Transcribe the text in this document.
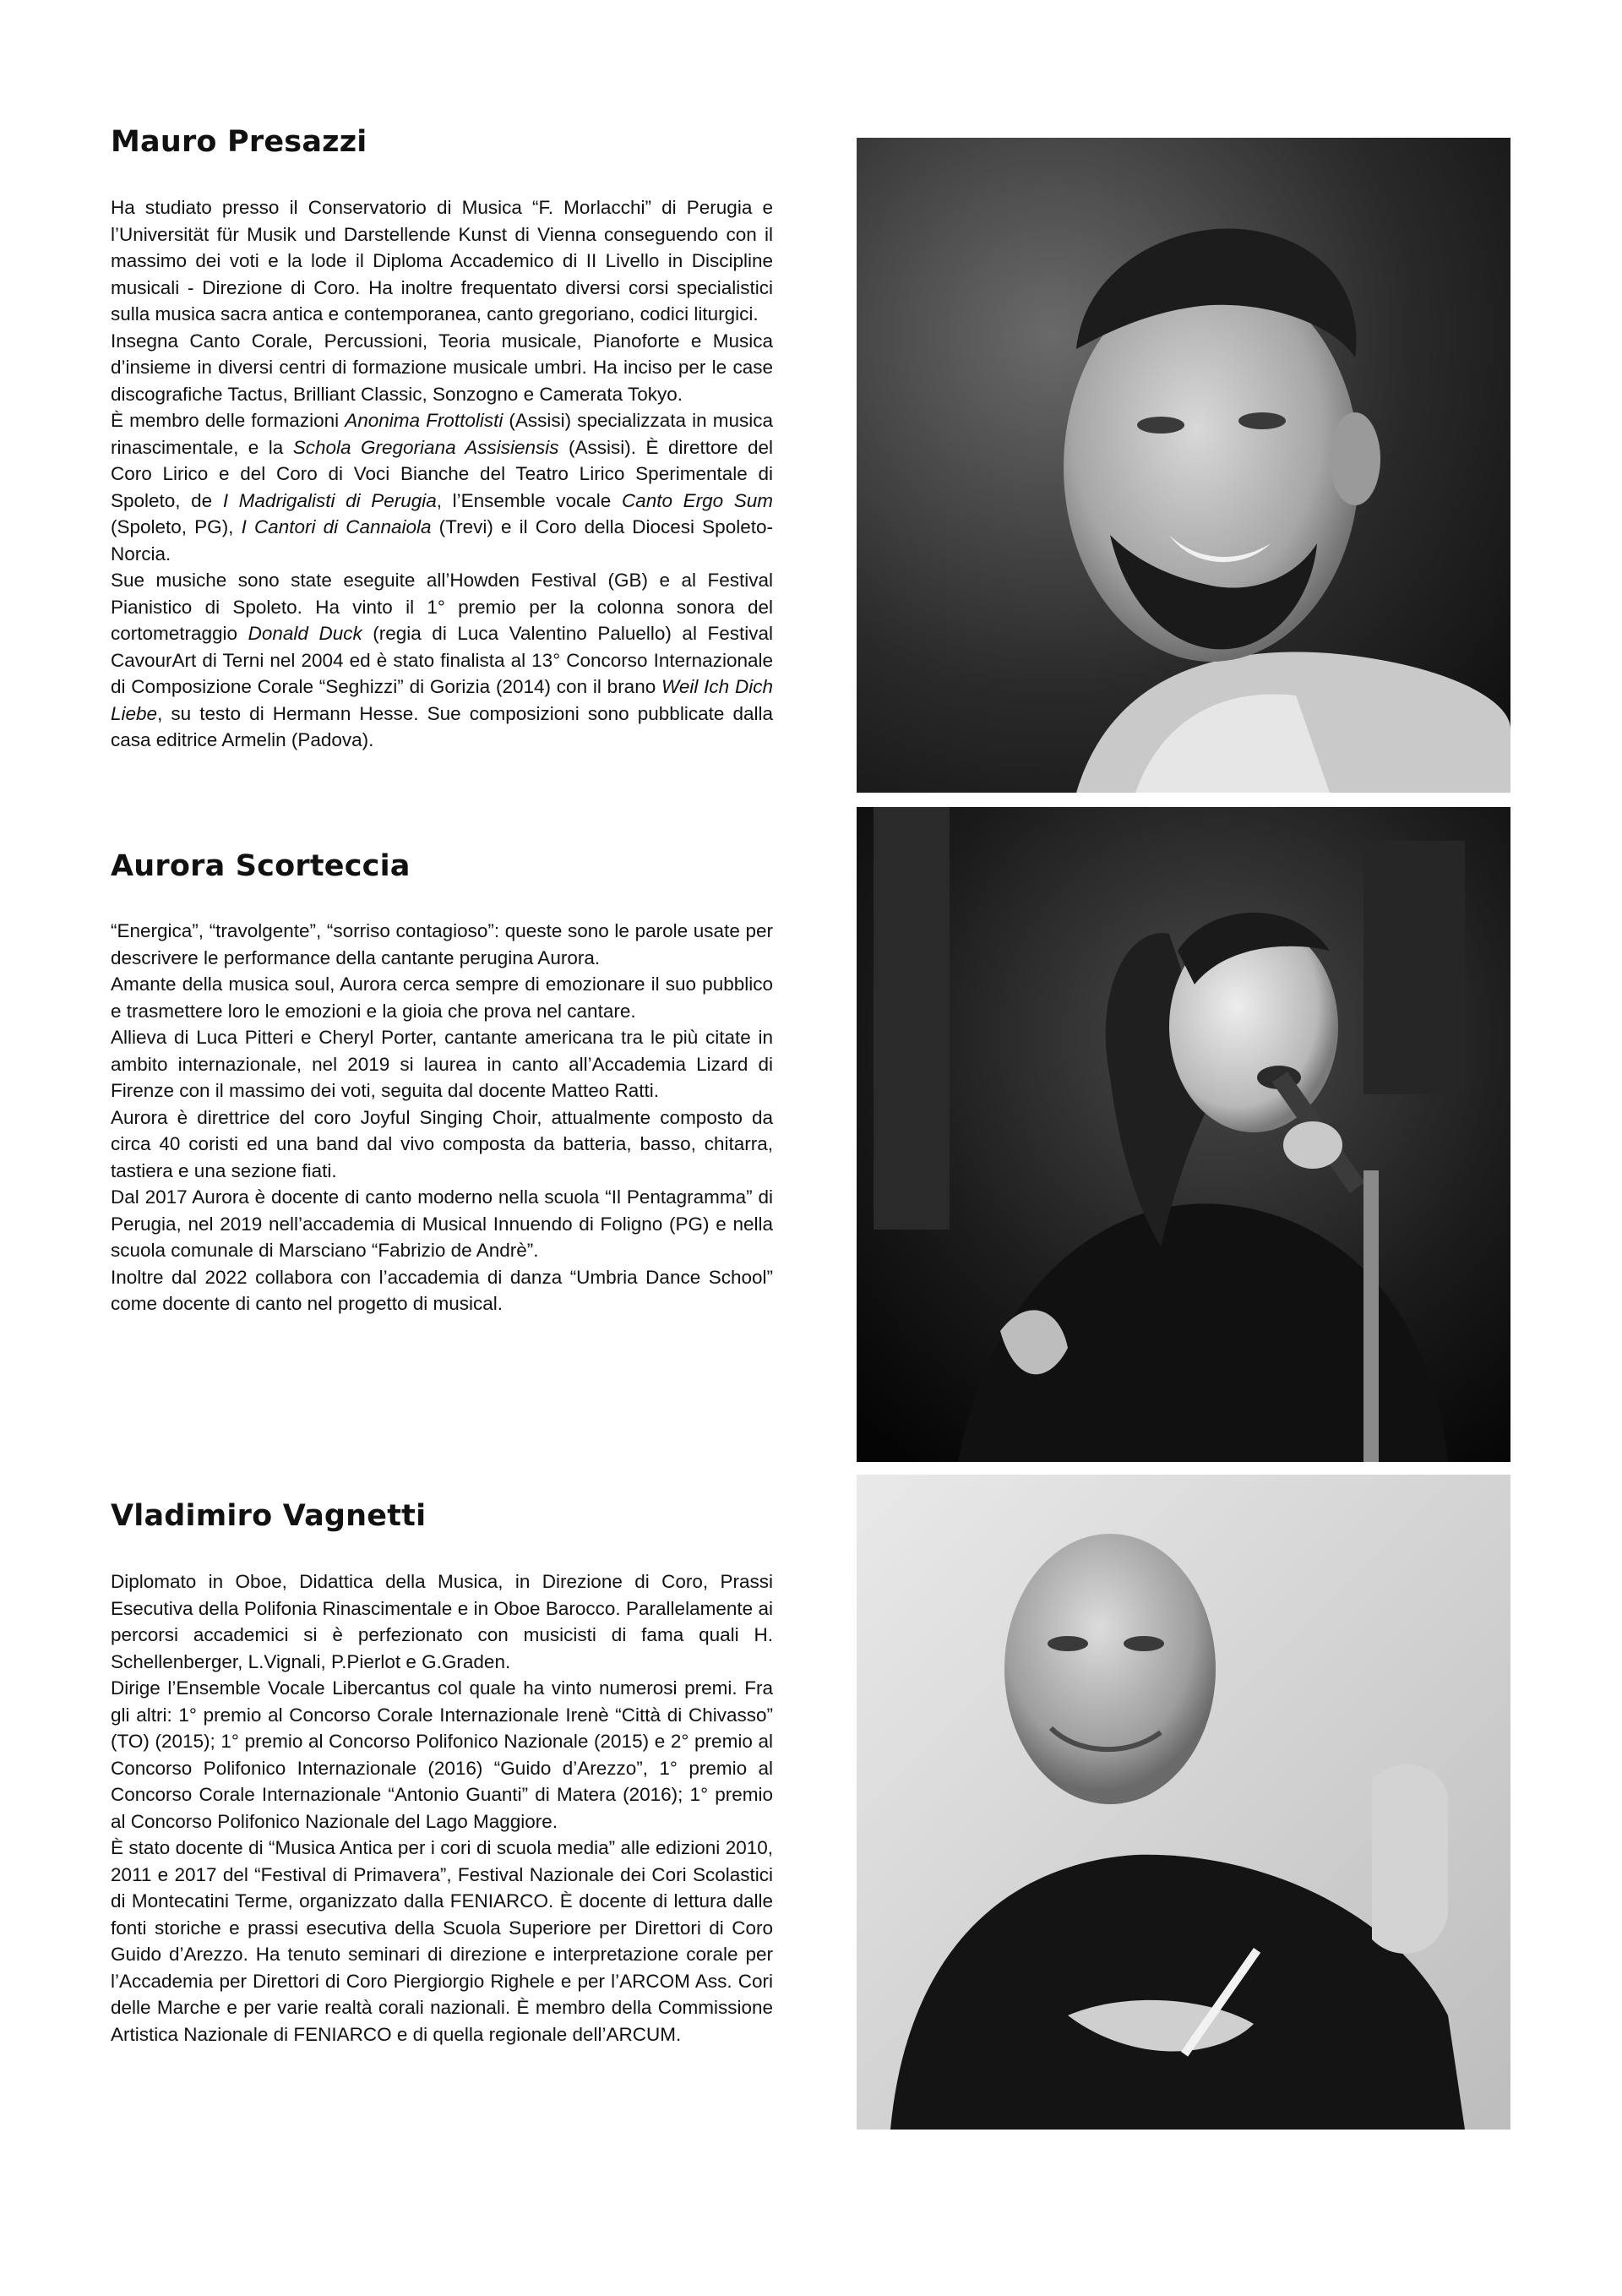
Mauro Presazzi

Ha studiato presso il Conservatorio di Musica “F. Morlacchi” di Perugia e l’Universität für Musik und Darstellende Kunst di Vienna conseguendo con il massimo dei voti e la lode il Diploma Accademico di II Livello in Discipline musicali - Direzione di Coro. Ha inoltre frequentato diversi corsi specialistici sulla musica sacra antica e contemporanea, canto gregoriano, codici liturgici.

Insegna Canto Corale, Percussioni, Teoria musicale, Pianoforte e Musica d’insieme in diversi centri di formazione musicale umbri. Ha inciso per le case discografiche Tactus, Brilliant Classic, Sonzogno e Camerata Tokyo.

È membro delle formazioni Anonima Frottolisti (Assisi) specializzata in musica rinascimentale, e la Schola Gregoriana Assisiensis (Assisi). È direttore del Coro Lirico e del Coro di Voci Bianche del Teatro Lirico Sperimentale di Spoleto, de I Madrigalisti di Perugia, l’Ensemble vocale Canto Ergo Sum (Spoleto, PG), I Cantori di Cannaiola (Trevi) e il Coro della Diocesi Spoleto-Norcia.

Sue musiche sono state eseguite all’Howden Festival (GB) e al Festival Pianistico di Spoleto. Ha vinto il 1° premio per la colonna sonora del cortometraggio Donald Duck (regia di Luca Valentino Paluello) al Festival CavourArt di Terni nel 2004 ed è stato finalista al 13° Concorso Internazionale di Composizione Corale “Seghizzi” di Gorizia (2014) con il brano Weil Ich Dich Liebe, su testo di Hermann Hesse. Sue composizioni sono pubblicate dalla casa editrice Armelin (Padova).

Aurora Scorteccia

“Energica”, “travolgente”, “sorriso contagioso”: queste sono le parole usate per descrivere le performance della cantante perugina Aurora.

Amante della musica soul, Aurora cerca sempre di emozionare il suo pubblico e trasmettere loro le emozioni e la gioia che prova nel cantare.

Allieva di Luca Pitteri e Cheryl Porter, cantante americana tra le più citate in ambito internazionale, nel 2019 si laurea in canto all’Accademia Lizard di Firenze con il massimo dei voti, seguita dal docente Matteo Ratti.

Aurora è direttrice del coro Joyful Singing Choir, attualmente composto da circa 40 coristi ed una band dal vivo composta da batteria, basso, chitarra, tastiera e una sezione fiati.

Dal 2017 Aurora è docente di canto moderno nella scuola “Il Pentagramma” di Perugia, nel 2019 nell’accademia di Musical Innuendo di Foligno (PG) e nella scuola comunale di Marsciano “Fabrizio de Andrè”.

Inoltre dal 2022 collabora con l’accademia di danza “Umbria Dance School” come docente di canto nel progetto di musical.

Vladimiro Vagnetti

Diplomato in Oboe, Didattica della Musica, in Direzione di Coro, Prassi Esecutiva della Polifonia Rinascimentale e in Oboe Barocco. Parallelamente ai percorsi accademici si è perfezionato con musicisti di fama quali H. Schellenberger, L.Vignali, P.Pierlot e G.Graden.

Dirige l’Ensemble Vocale Libercantus col quale ha vinto numerosi premi. Fra gli altri: 1° premio al Concorso Corale Internazionale Irenè “Città di Chivasso” (TO) (2015); 1° premio al Concorso Polifonico Nazionale (2015) e 2° premio al Concorso Polifonico Internazionale (2016) “Guido d’Arezzo”, 1° premio al Concorso Corale Internazionale “Antonio Guanti” di Matera (2016); 1° premio al Concorso Polifonico Nazionale del Lago Maggiore.

È stato docente di “Musica Antica per i cori di scuola media” alle edizioni 2010, 2011 e 2017 del “Festival di Primavera”, Festival Nazionale dei Cori Scolastici di Montecatini Terme, organizzato dalla FENIARCO. È docente di lettura dalle fonti storiche e prassi esecutiva della Scuola Superiore per Direttori di Coro Guido d’Arezzo. Ha tenuto seminari di direzione e interpretazione corale per l’Accademia per Direttori di Coro Piergiorgio Righele e per l’ARCOM Ass. Cori delle Marche e per varie realtà corali nazionali. È membro della Commissione Artistica Nazionale di FENIARCO e di quella regionale dell’ARCUM.
